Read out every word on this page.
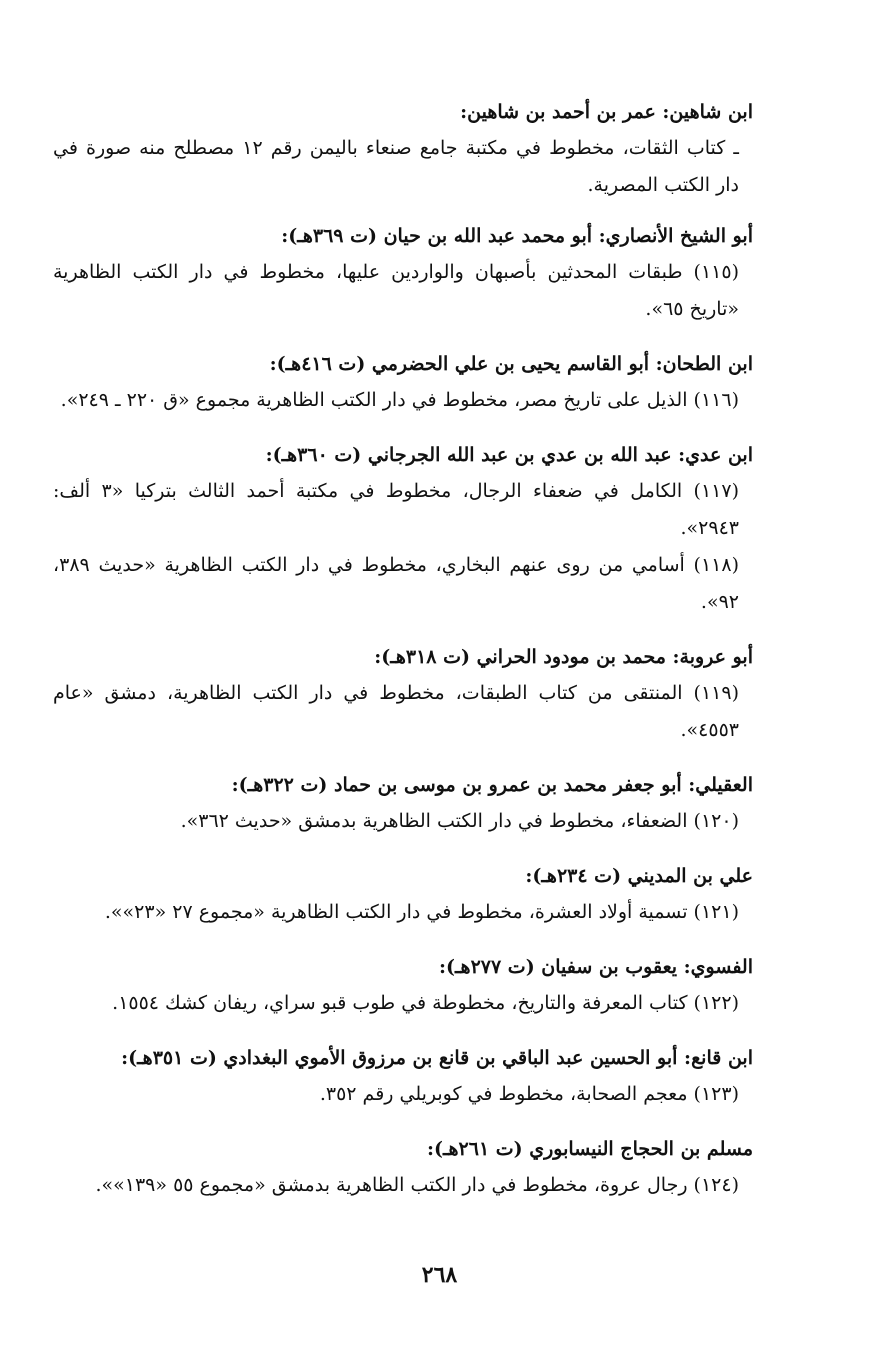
ابن شاهين: عمر بن أحمد بن شاهين:
ـ كتاب الثقات، مخطوط في مكتبة جامع صنعاء باليمن رقم ١٢ مصطلح منه صورة في دار الكتب المصرية.
أبو الشيخ الأنصاري: أبو محمد عبد الله بن حيان (ت ٣٦٩هـ):
(١١٥) طبقات المحدثين بأصبهان والواردين عليها، مخطوط في دار الكتب الظاهرية «تاريخ ٦٥».
ابن الطحان: أبو القاسم يحيى بن علي الحضرمي (ت ٤١٦هـ):
(١١٦) الذيل على تاريخ مصر، مخطوط في دار الكتب الظاهرية مجموع «ق ٢٢٠ ـ ٢٤٩».
ابن عدي: عبد الله بن عدي بن عبد الله الجرجاني (ت ٣٦٠هـ):
(١١٧) الكامل في ضعفاء الرجال، مخطوط في مكتبة أحمد الثالث بتركيا «٣ ألف: ٢٩٤٣».
(١١٨) أسامي من روى عنهم البخاري، مخطوط في دار الكتب الظاهرية «حديث ٣٨٩، ٩٢».
أبو عروبة: محمد بن مودود الحراني (ت ٣١٨هـ):
(١١٩) المنتقى من كتاب الطبقات، مخطوط في دار الكتب الظاهرية، دمشق «عام ٤٥٥٣».
العقيلي: أبو جعفر محمد بن عمرو بن موسى بن حماد (ت ٣٢٢هـ):
(١٢٠) الضعفاء، مخطوط في دار الكتب الظاهرية بدمشق «حديث ٣٦٢».
علي بن المديني (ت ٢٣٤هـ):
(١٢١) تسمية أولاد العشرة، مخطوط في دار الكتب الظاهرية «مجموع ٢٧ «٢٣»».
الفسوي: يعقوب بن سفيان (ت ٢٧٧هـ):
(١٢٢) كتاب المعرفة والتاريخ، مخطوطة في طوب قبو سراي، ريفان كشك ١٥٥٤.
ابن قانع: أبو الحسين عبد الباقي بن قانع بن مرزوق الأموي البغدادي (ت ٣٥١هـ):
(١٢٣) معجم الصحابة، مخطوط في كوبريلي رقم ٣٥٢.
مسلم بن الحجاج النيسابوري (ت ٢٦١هـ):
(١٢٤) رجال عروة، مخطوط في دار الكتب الظاهرية بدمشق «مجموع ٥٥ «١٣٩»».
٢٦٨
